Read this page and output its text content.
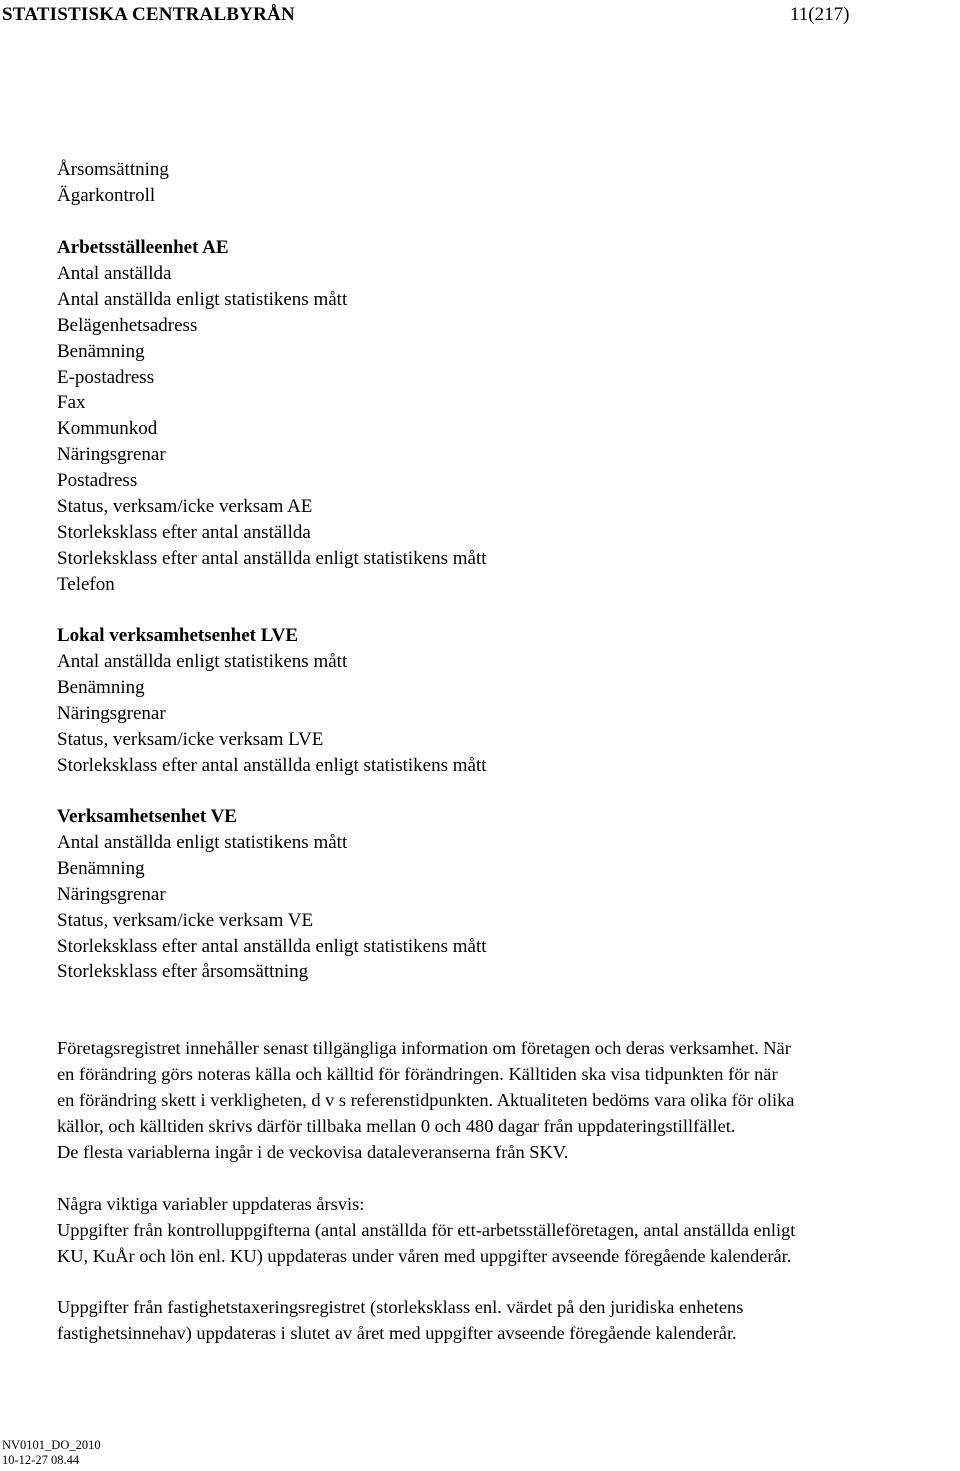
STATISTISKA CENTRALBYRÅN	11(217)
Årsomsättning
Ägarkontroll
Arbetsställeenhet AE
Antal anställda
Antal anställda enligt statistikens mått
Belägenhetsadress
Benämning
E-postadress
Fax
Kommunkod
Näringsgrenar
Postadress
Status, verksam/icke verksam AE
Storleksklass efter antal anställda
Storleksklass efter antal anställda enligt statistikens mått
Telefon
Lokal verksamhetsenhet LVE
Antal anställda enligt statistikens mått
Benämning
Näringsgrenar
Status, verksam/icke verksam LVE
Storleksklass efter antal anställda enligt statistikens mått
Verksamhetsenhet VE
Antal anställda enligt statistikens mått
Benämning
Näringsgrenar
Status, verksam/icke verksam VE
Storleksklass efter antal anställda enligt statistikens mått
Storleksklass efter årsomsättning

Företagsregistret innehåller senast tillgängliga information om företagen och deras verksamhet. När
en förändring görs noteras källa och källtid för förändringen. Källtiden ska visa tidpunkten för när
en förändring skett i verkligheten, d v s referenstidpunkten. Aktualiteten bedöms vara olika för olika
källor, och källtiden skrivs därför tillbaka mellan 0 och 480 dagar från uppdateringstillfället.
De flesta variablerna ingår i de veckovisa dataleveranserna från SKV.

Några viktiga variabler uppdateras årsvis:
Uppgifter från kontrolluppgifterna (antal anställda för ett-arbetsställeföretagen, antal anställda enligt
KU, KuÅr och lön enl. KU) uppdateras under våren med uppgifter avseende föregående kalenderår.

Uppgifter från fastighetstaxeringsregistret (storleksklass enl. värdet på den juridiska enhetens
fastighetsinnehav) uppdateras i slutet av året med uppgifter avseende föregående kalenderår.

NV0101_DO_2010
10-12-27 08.44
